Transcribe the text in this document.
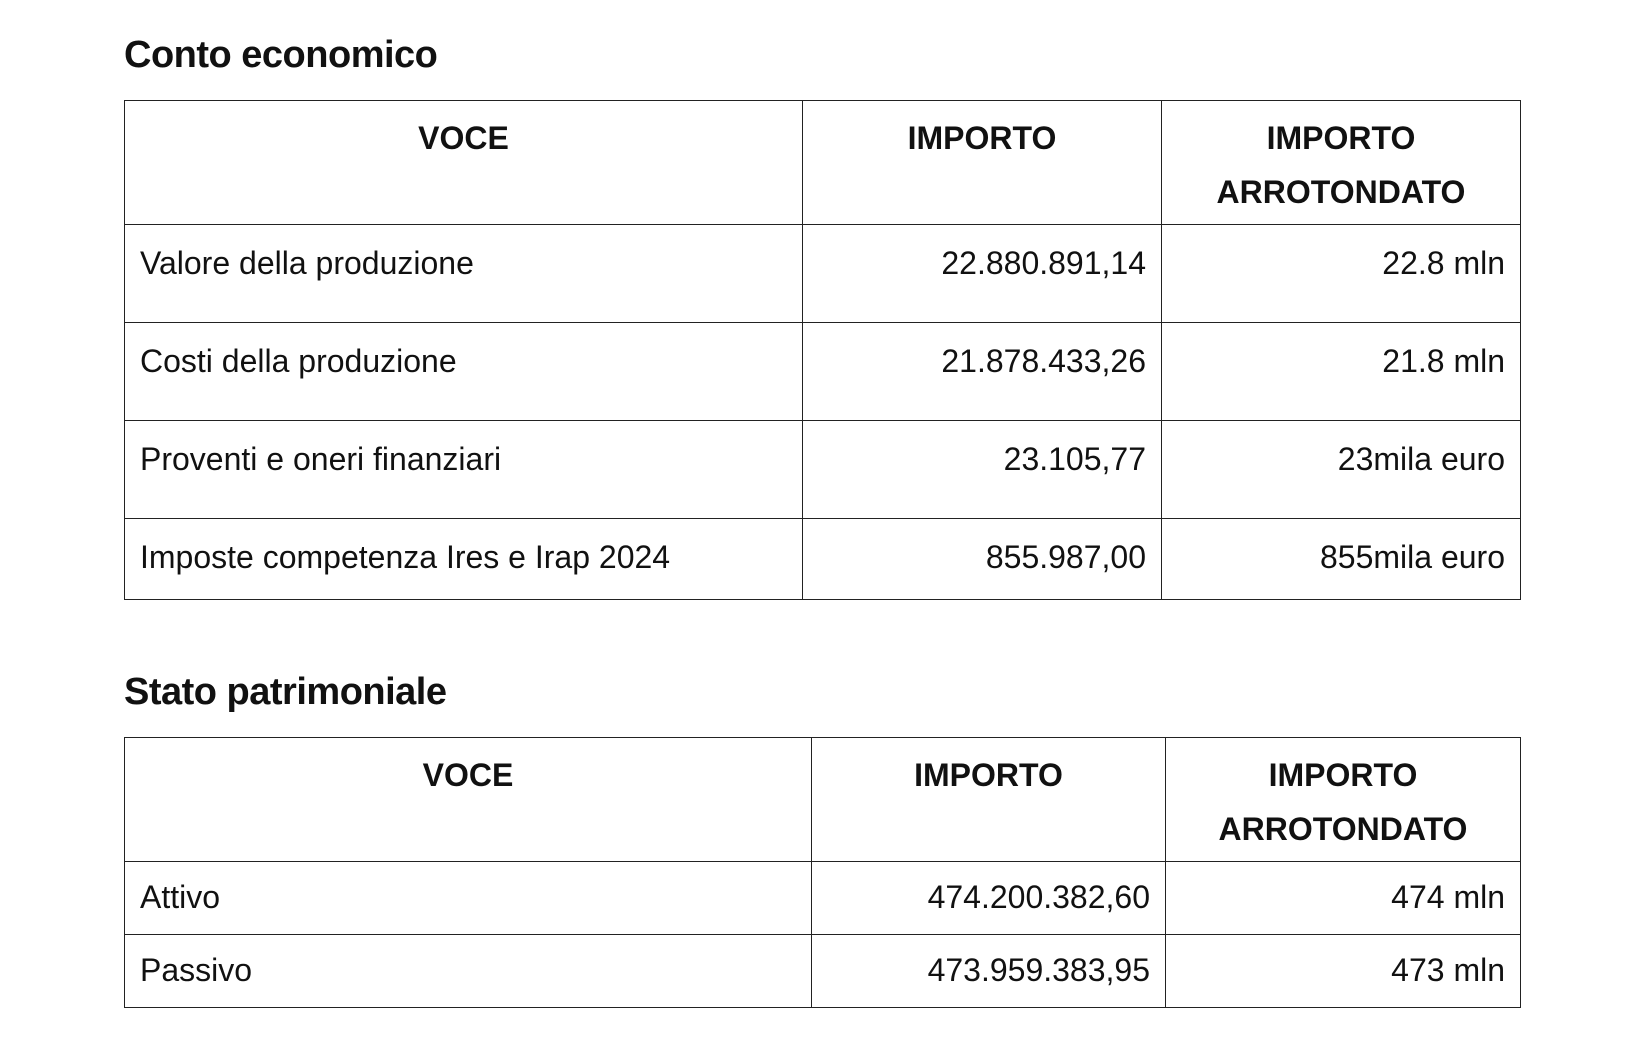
Conto economico
VOCE	IMPORTO	IMPORTO ARROTONDATO
Valore della produzione	22.880.891,14	22.8 mln
Costi della produzione	21.878.433,26	21.8 mln
Proventi e oneri finanziari	23.105,77	23mila euro
Imposte competenza Ires e Irap 2024	855.987,00	855mila euro
Stato patrimoniale
VOCE	IMPORTO	IMPORTO ARROTONDATO
Attivo	474.200.382,60	474 mln
Passivo	473.959.383,95	473 mln
